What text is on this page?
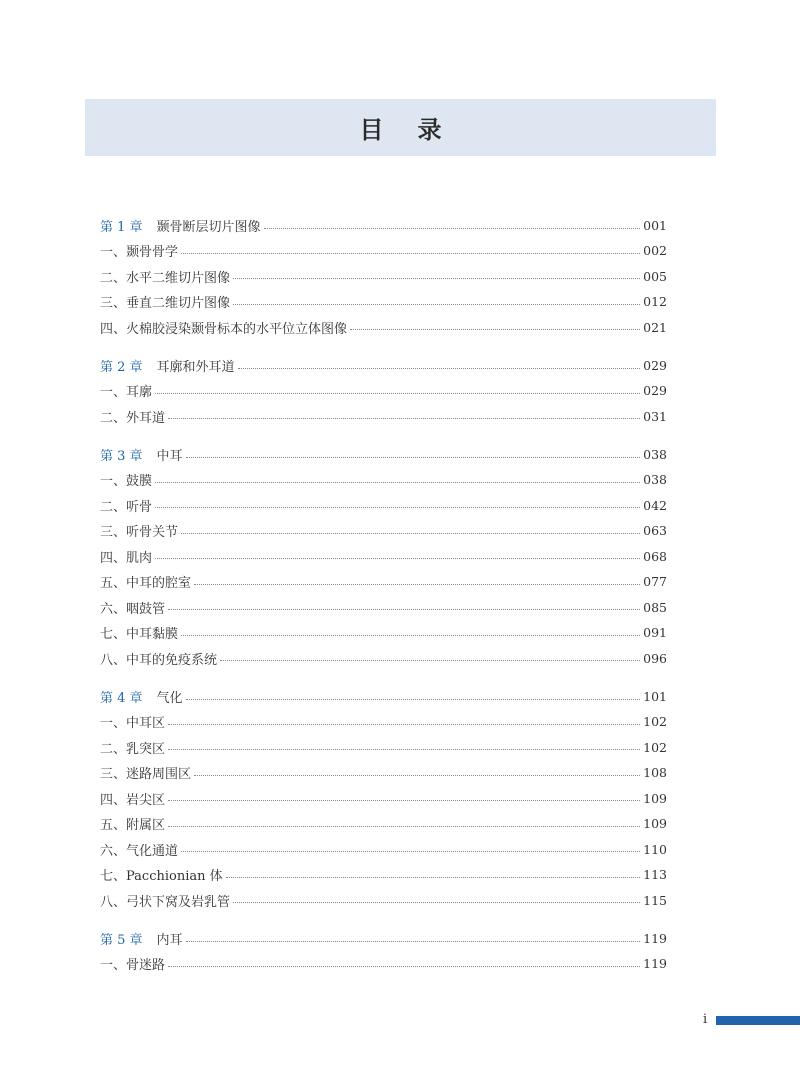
目录
第 1 章 颞骨断层切片图像	001
一、颞骨骨学	002
二、水平二维切片图像	005
三、垂直二维切片图像	012
四、火棉胶浸染颞骨标本的水平位立体图像	021
第 2 章 耳廓和外耳道	029
一、耳廓	029
二、外耳道	031
第 3 章 中耳	038
一、鼓膜	038
二、听骨	042
三、听骨关节	063
四、肌肉	068
五、中耳的腔室	077
六、咽鼓管	085
七、中耳黏膜	091
八、中耳的免疫系统	096
第 4 章 气化	101
一、中耳区	102
二、乳突区	102
三、迷路周围区	108
四、岩尖区	109
五、附属区	109
六、气化通道	110
七、Pacchionian 体	113
八、弓状下窝及岩乳管	115
第 5 章 内耳	119
一、骨迷路	119
i
